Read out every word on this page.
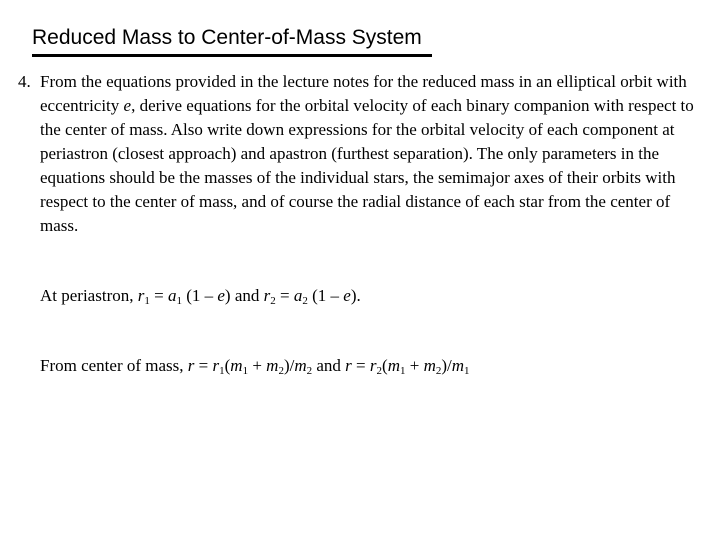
Reduced Mass to Center-of-Mass System

4. From the equations provided in the lecture notes for the reduced mass in an elliptical orbit with eccentricity e, derive equations for the orbital velocity of each binary companion with respect to the center of mass. Also write down expressions for the orbital velocity of each component at periastron (closest approach) and apastron (furthest separation). The only parameters in the equations should be the masses of the individual stars, the semimajor axes of their orbits with respect to the center of mass, and of course the radial distance of each star from the center of mass.

At periastron, $r_1 = a_1$ (1 – e) and $r_2 = a_2$ (1 – e).

From center of mass, $r = r_1(m_1 + m_2)/m_2$ and $r = r_2(m_1 + m_2)/m_1$
